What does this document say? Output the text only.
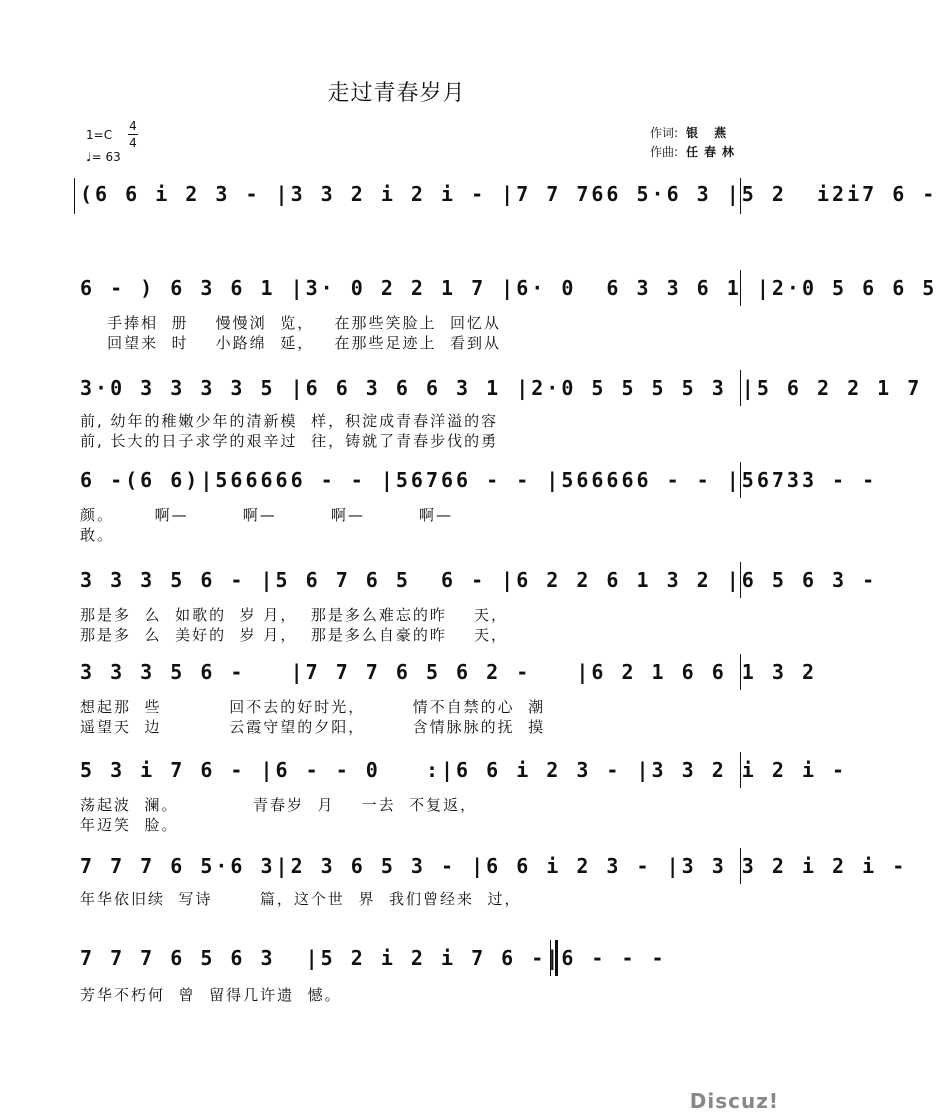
走过青春岁月
1=C
4
4
♩= 63
作词: 银 燕
作曲: 任春林
(6 6 i 2 3 - |3 3 2 i 2 i - |7 7 766 5·6 3 |5 2  i2i7 6 -
6 - ) 6 3 6 1 |3· 0 2 2 1 7 |6· 0  6 3 3 6 1 |2·0 5 6 6 5
手捧相  册    慢慢浏  览，   在那些笑脸上  回忆从
回望来  时    小路绵  延，   在那些足迹上  看到从
3·0 3 3 3 3 5 |6 6 3 6 6 3 1 |2·0 5 5 5 5 3 |5 6 2 2 1 7
前, 幼年的稚嫩少年的清新模  样，积淀成青春洋溢的容
前, 长大的日子求学的艰辛过  往，铸就了青春步伐的勇
6 -(6 6)|566666 - - |56766 - - |566666 - - |56733 - -
颜。      啊—        啊—        啊—        啊—
敢。
3 3 3 5 6 - |5 6 7 6 5  6 - |6 2 2 6 1 3 2 |6 5 6 3 -
那是多  么  如歌的  岁 月，  那是多么难忘的昨    天，
那是多  么  美好的  岁 月，  那是多么自豪的昨    天，
3 3 3 5 6 -   |7 7 7 6 5 6 2 -   |6 2 1 6 6 1 3 2
想起那  些          回不去的好时光，       情不自禁的心  潮
遥望天  边          云霞守望的夕阳，       含情脉脉的抚  摸
5 3 i 7 6 - |6 - - 0   :|6 6 i 2 3 - |3 3 2 i 2 i -
荡起波  澜。           青春岁  月    一去  不复返，
年迈笑  脸。
7 7 7 6 5·6 3|2 3 6 5 3 - |6 6 i 2 3 - |3 3 3 2 i 2 i -
年华依旧续  写诗       篇，这个世  界  我们曾经来  过，
7 7 7 6 5 6 3  |5 2 i 2 i 7 6 -|6 - - -
芳华不朽何  曾  留得几许遗  憾。
Discuz!
